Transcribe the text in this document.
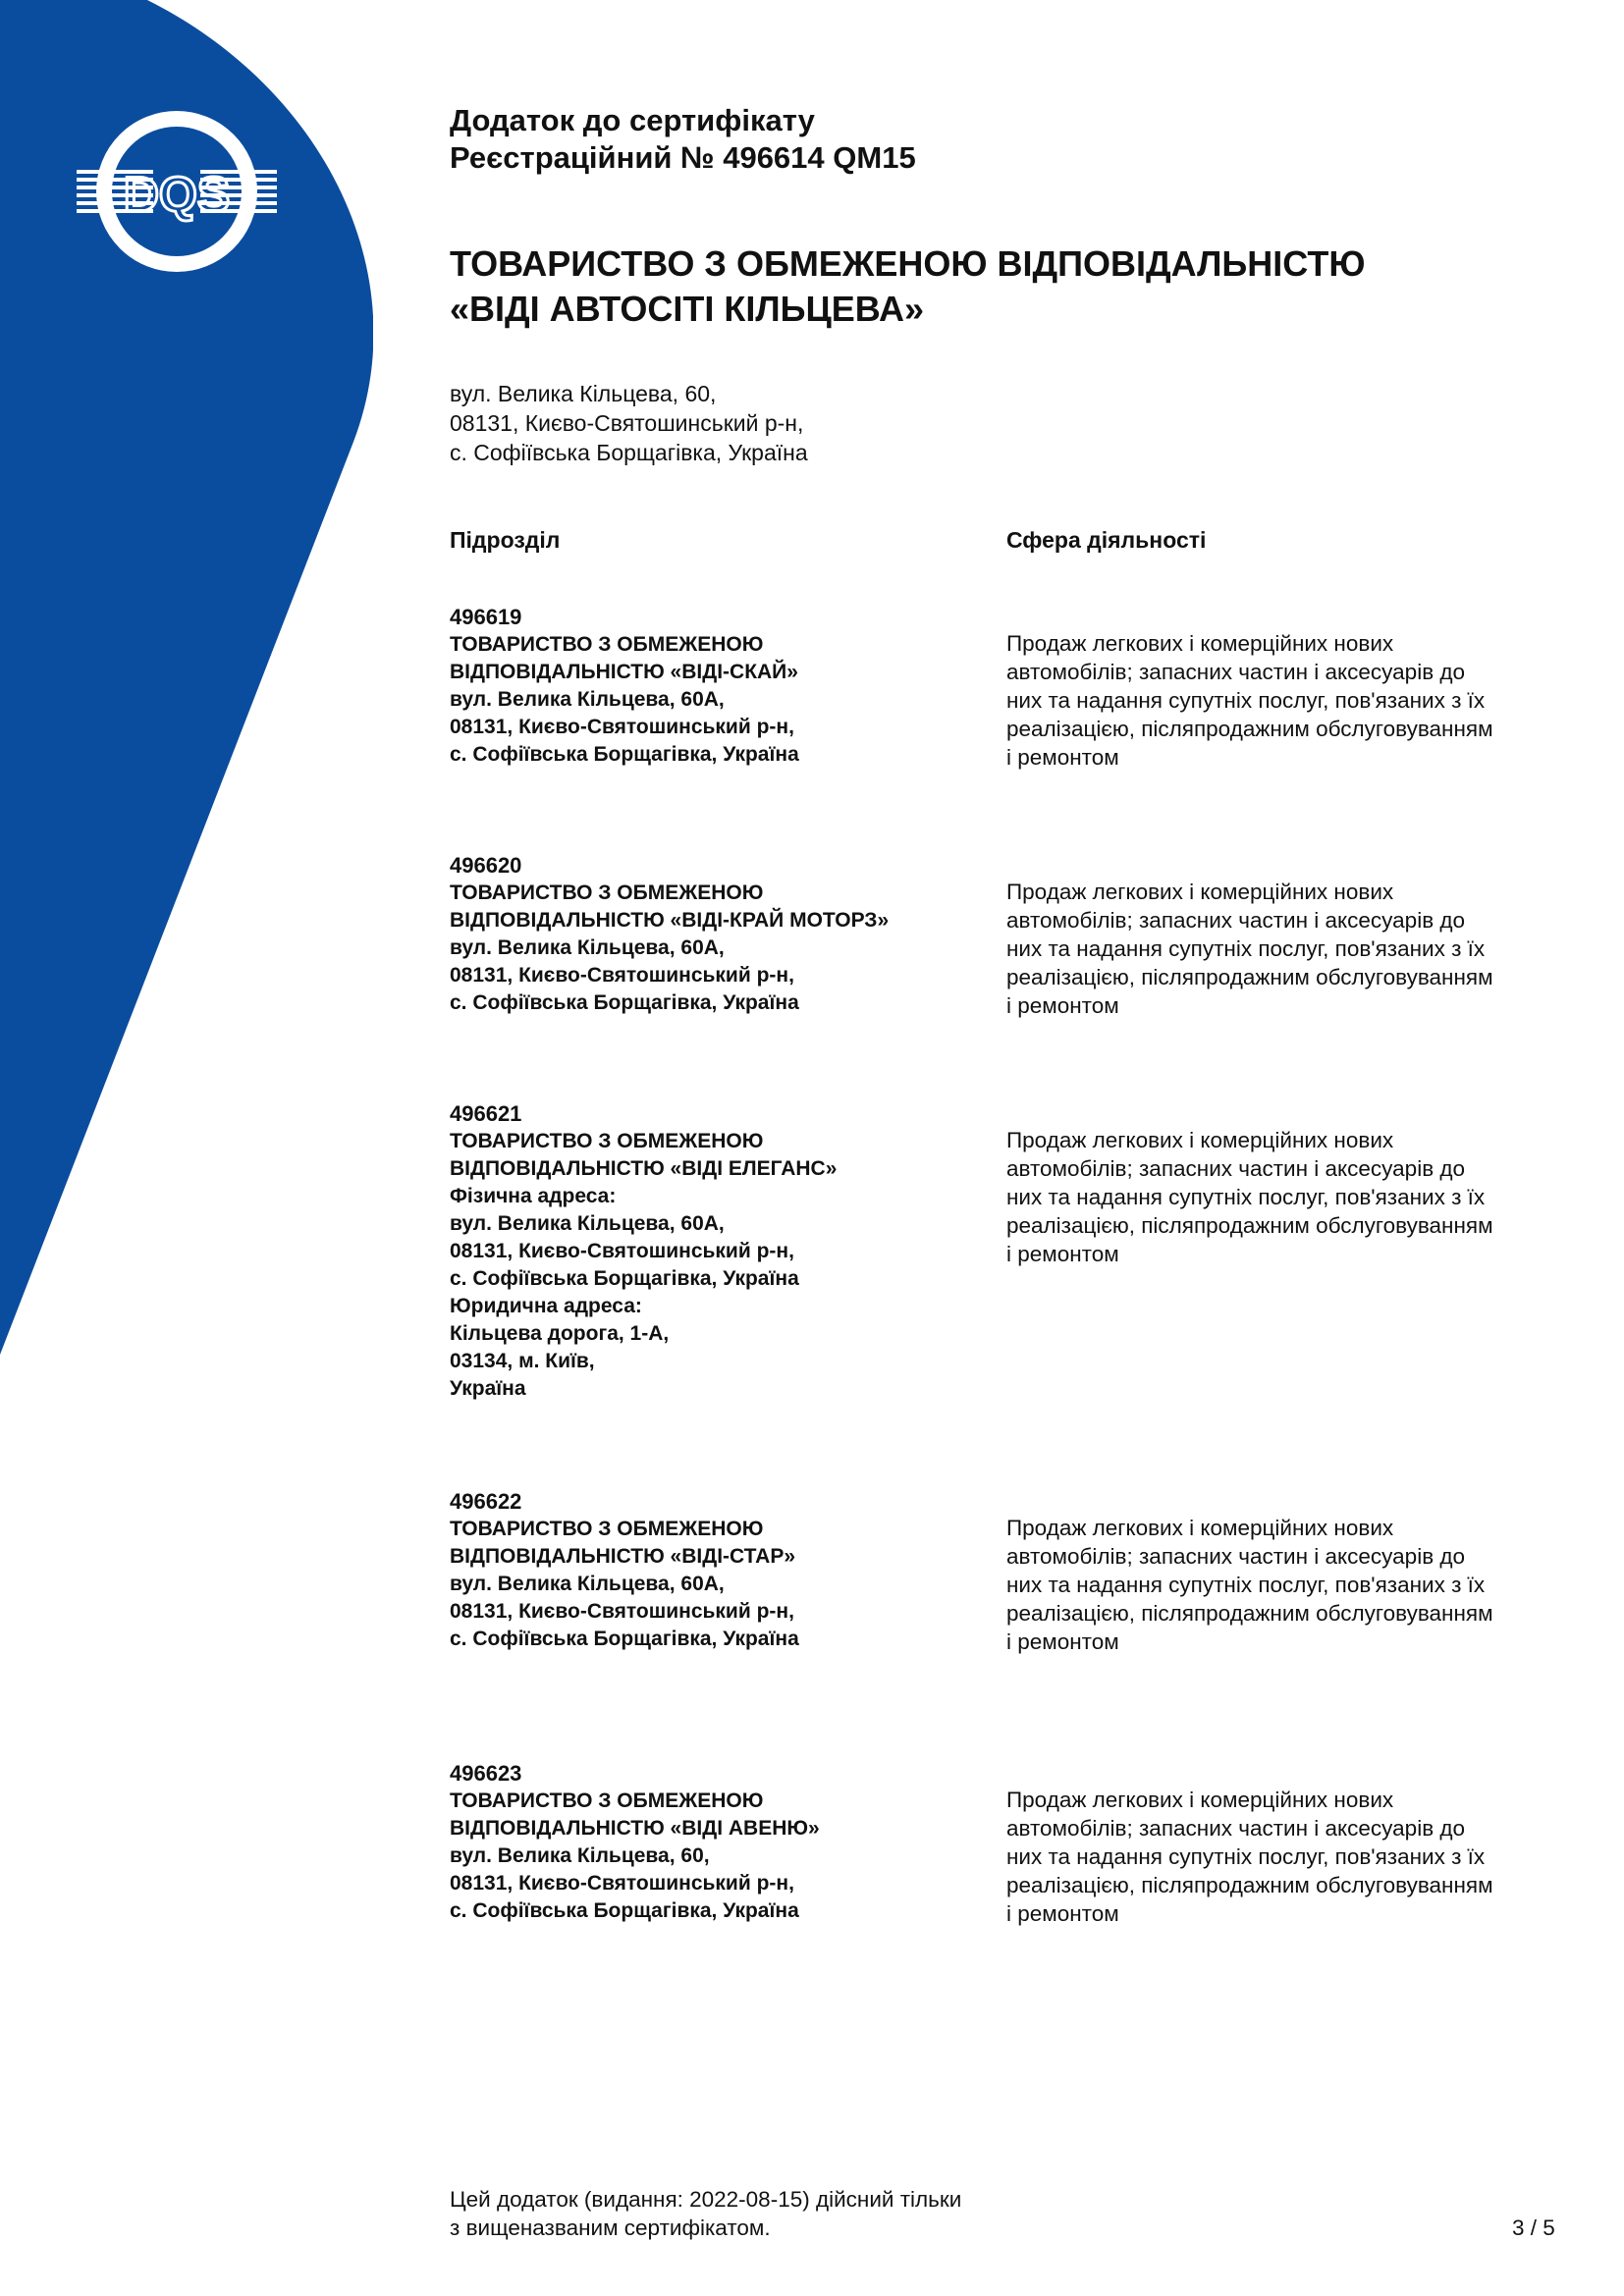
DQS
Додаток до сертифікату
Реєстраційний № 496614 QM15
ТОВАРИСТВО З ОБМЕЖЕНОЮ ВІДПОВІДАЛЬНІСТЮ
«ВІДІ АВТОСІТІ КІЛЬЦЕВА»
вул. Велика Кільцева, 60,
08131, Києво-Святошинський р-н,
с. Софіївська Борщагівка, Україна
Підрозділ	Сфера діяльності
496619
ТОВАРИСТВО З ОБМЕЖЕНОЮ
ВІДПОВІДАЛЬНІСТЮ «ВІДІ-СКАЙ»
вул. Велика Кільцева, 60А,
08131, Києво-Святошинський р-н,
с. Софіївська Борщагівка, Україна
Продаж легкових і комерційних нових
автомобілів; запасних частин і аксесуарів до
них та надання супутніх послуг, пов'язаних з їх
реалізацією, післяпродажним обслуговуванням
і ремонтом
496620
ТОВАРИСТВО З ОБМЕЖЕНОЮ
ВІДПОВІДАЛЬНІСТЮ «ВІДІ-КРАЙ МОТОРЗ»
вул. Велика Кільцева, 60А,
08131, Києво-Святошинський р-н,
с. Софіївська Борщагівка, Україна
Продаж легкових і комерційних нових
автомобілів; запасних частин і аксесуарів до
них та надання супутніх послуг, пов'язаних з їх
реалізацією, післяпродажним обслуговуванням
і ремонтом
496621
ТОВАРИСТВО З ОБМЕЖЕНОЮ
ВІДПОВІДАЛЬНІСТЮ «ВІДІ ЕЛЕГАНС»
Фізична адреса:
вул. Велика Кільцева, 60А,
08131, Києво-Святошинський р-н,
с. Софіївська Борщагівка, Україна
Юридична адреса:
Кільцева дорога, 1-А,
03134, м. Київ,
Україна
Продаж легкових і комерційних нових
автомобілів; запасних частин і аксесуарів до
них та надання супутніх послуг, пов'язаних з їх
реалізацією, післяпродажним обслуговуванням
і ремонтом
496622
ТОВАРИСТВО З ОБМЕЖЕНОЮ
ВІДПОВІДАЛЬНІСТЮ «ВІДІ-СТАР»
вул. Велика Кільцева, 60А,
08131, Києво-Святошинський р-н,
с. Софіївська Борщагівка, Україна
Продаж легкових і комерційних нових
автомобілів; запасних частин і аксесуарів до
них та надання супутніх послуг, пов'язаних з їх
реалізацією, післяпродажним обслуговуванням
і ремонтом
496623
ТОВАРИСТВО З ОБМЕЖЕНОЮ
ВІДПОВІДАЛЬНІСТЮ «ВІДІ АВЕНЮ»
вул. Велика Кільцева, 60,
08131, Києво-Святошинський р-н,
с. Софіївська Борщагівка, Україна
Продаж легкових і комерційних нових
автомобілів; запасних частин і аксесуарів до
них та надання супутніх послуг, пов'язаних з їх
реалізацією, післяпродажним обслуговуванням
і ремонтом
Цей додаток (видання: 2022-08-15) дійсний тільки
з вищеназваним сертифікатом.	3 / 5
